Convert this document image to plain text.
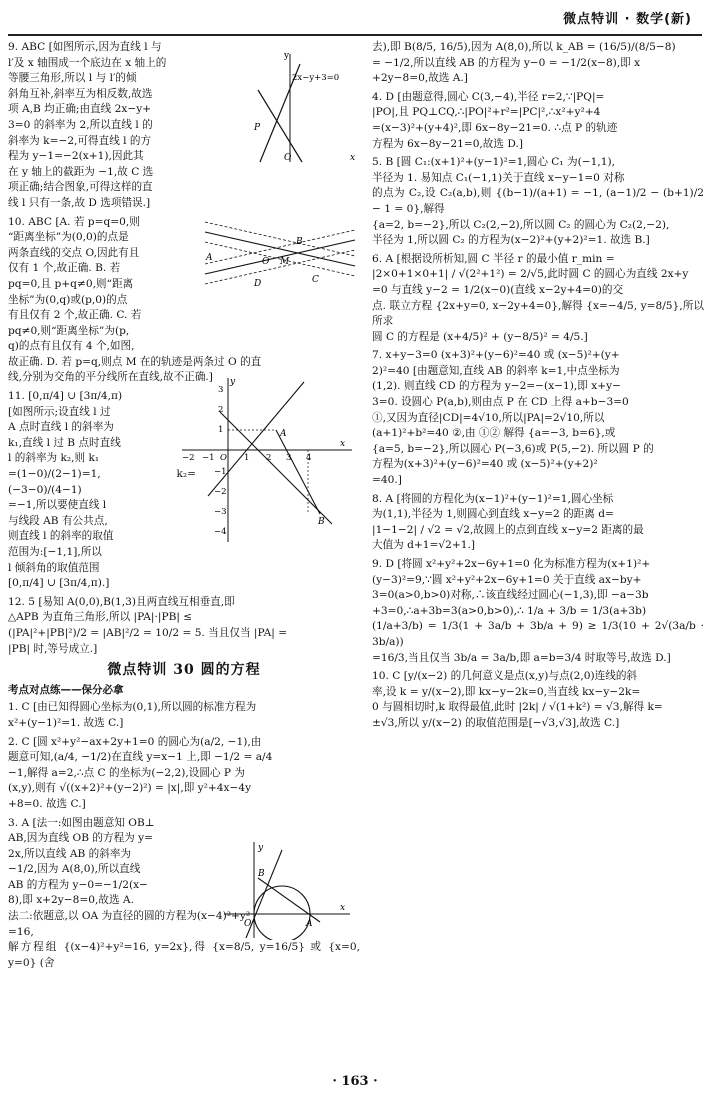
微点特训 · 数学(新)
9. ABC [如图所示,因为直线 l 与
l′及 x 轴围成一个底边在 x 轴上的
等腰三角形,所以 l 与 l′的倾
斜角互补,斜率互为相反数,故选
项 A,B 均正确;由直线 2x−y+
3=0 的斜率为 2,所以直线 l 的
斜率为 k=−2,可得直线 l 的方
程为 y−1=−2(x+1),因此其
在 y 轴上的截距为 −1,故 C 选
项正确;结合图象,可得这样的直
线 l 只有一条,故 D 选项错误.]
10. ABC [A. 若 p=q=0,则
“距离坐标”为(0,0)的点是
两条直线的交点 O,因此有且
仅有 1 个,故正确. B. 若
pq=0,且 p+q≠0,则“距离
坐标”为(0,q)或(p,0)的点
有且仅有 2 个,故正确. C. 若
pq≠0,则“距离坐标”为(p,
q)的点有且仅有 4 个,如图,
故正确. D. 若 p=q,则点 M 在的轨迹是两条过 O 的直
线,分别为交角的平分线所在直线,故不正确.]
11. [0,π/4] ∪ [3π/4,π)
[如图所示;设直线 l 过
A 点时直线 l 的斜率为
k₁,直线 l 过 B 点时直线
l 的斜率为 k₂,则 k₁
=(1−0)/(2−1)=1, k₂=(−3−0)/(4−1)
=−1,所以要使直线 l
与线段 AB 有公共点,
则直线 l 的斜率的取值
范围为:[−1,1],所以
l 倾斜角的取值范围
[0,π/4] ∪ [3π/4,π).]
12. 5 [易知 A(0,0),B(1,3)且两直线互相垂直,即
△APB 为直角三角形,所以 |PA|·|PB| ≤
(|PA|²+|PB|²)/2 = |AB|²/2 = 10/2 = 5. 当且仅当 |PA| =
|PB| 时,等号成立.]
微点特训 30 圆的方程
考点对点练——保分必拿
1. C [由已知得圆心坐标为(0,1),所以圆的标准方程为
x²+(y−1)²=1. 故选 C.]
2. C [圆 x²+y²−ax+2y+1=0 的圆心为(a/2, −1),由
题意可知,(a/4, −1/2)在直线 y=x−1 上,即 −1/2 = a/4
−1,解得 a=2,∴点 C 的坐标为(−2,2),设圆心 P 为
(x,y),则有 √((x+2)²+(y−2)²) = |x|,即 y²+4x−4y
+8=0. 故选 C.]
3. A [法一:如图由题意知 OB⊥
AB,因为直线 OB 的方程为 y=
2x,所以直线 AB 的斜率为
−1/2,因为 A(8,0),所以直线
AB 的方程为 y−0=−1/2(x−
8),即 x+2y−8=0,故选 A.
法二:依题意,以 OA 为直径的圆的方程为(x−4)²+y²
=16,
解方程组 {(x−4)²+y²=16, y=2x},得 {x=8/5, y=16/5} 或 {x=0, y=0} (舍
y
2x−y+3=0
P
O	x
A
B
O M
D	C
y
3
2
1	A
−2 −1 O 1 2 3 4
x
−1
−2
−3
−4
B
y
B
O	A
x
去),即 B(8/5, 16/5),因为 A(8,0),所以 k_AB = (16/5)/(8/5−8)
= −1/2,所以直线 AB 的方程为 y−0 = −1/2(x−8),即 x
+2y−8=0,故选 A.]
4. D [由题意得,圆心 C(3,−4),半径 r=2,∵|PQ|=
|PO|,且 PQ⊥CQ,∴|PO|²+r²=|PC|²,∴x²+y²+4
=(x−3)²+(y+4)²,即 6x−8y−21=0. ∴点 P 的轨迹
方程为 6x−8y−21=0,故选 D.]
5. B [圆 C₁:(x+1)²+(y−1)²=1,圆心 C₁ 为(−1,1),
半径为 1. 易知点 C₁(−1,1)关于直线 x−y−1=0 对称
的点为 C₂,设 C₂(a,b),则 {(b−1)/(a+1) = −1, (a−1)/2 − (b+1)/2 − 1 = 0},解得
{a=2, b=−2},所以 C₂(2,−2),所以圆 C₂ 的圆心为 C₂(2,−2),
半径为 1,所以圆 C₂ 的方程为(x−2)²+(y+2)²=1. 故选 B.]
6. A [根据设所析知,圆 C 半径 r 的最小值 r_min =
|2×0+1×0+1| / √(2²+1²) = 2/√5,此时圆 C 的圆心为直线 2x+y
=0 与直线 y−2 = 1/2(x−0)(直线 x−2y+4=0)的交
点. 联立方程 {2x+y=0, x−2y+4=0},解得 {x=−4/5, y=8/5},所以所求
圆 C 的方程是 (x+4/5)² + (y−8/5)² = 4/5.]
7. x+y−3=0 (x+3)²+(y−6)²=40 或 (x−5)²+(y+
2)²=40 [由题意知,直线 AB 的斜率 k=1,中点坐标为
(1,2). 则直线 CD 的方程为 y−2=−(x−1),即 x+y−
3=0. 设圆心 P(a,b),则由点 P 在 CD 上得 a+b−3=0
①,又因为直径|CD|=4√10,所以|PA|=2√10,所以
(a+1)²+b²=40 ②,由 ①② 解得 {a=−3, b=6},或
{a=5, b=−2},所以圆心 P(−3,6)或 P(5,−2). 所以圆 P 的
方程为(x+3)²+(y−6)²=40 或 (x−5)²+(y+2)²
=40.]
8. A [将圆的方程化为(x−1)²+(y−1)²=1,圆心坐标
为(1,1),半径为 1,则圆心到直线 x−y=2 的距离 d=
|1−1−2| / √2 = √2,故圆上的点到直线 x−y=2 距离的最
大值为 d+1=√2+1.]
9. D [将圆 x²+y²+2x−6y+1=0 化为标准方程为(x+1)²+
(y−3)²=9,∵圆 x²+y²+2x−6y+1=0 关于直线 ax−by+
3=0(a>0,b>0)对称,∴该直线经过圆心(−1,3),即 −a−3b
+3=0,∴a+3b=3(a>0,b>0),∴ 1/a + 3/b = 1/3(a+3b)
(1/a+3/b) = 1/3(1 + 3a/b + 3b/a + 9) ≥ 1/3(10 + 2√(3a/b · 3b/a))
=16/3,当且仅当 3b/a = 3a/b,即 a=b=3/4 时取等号,故选 D.]
10. C [y/(x−2) 的几何意义是点(x,y)与点(2,0)连线的斜
率,设 k = y/(x−2),即 kx−y−2k=0,当直线 kx−y−2k=
0 与圆相切时,k 取得最值,此时 |2k| / √(1+k²) = √3,解得 k=
±√3,所以 y/(x−2) 的取值范围是[−√3,√3],故选 C.]
· 163 ·
